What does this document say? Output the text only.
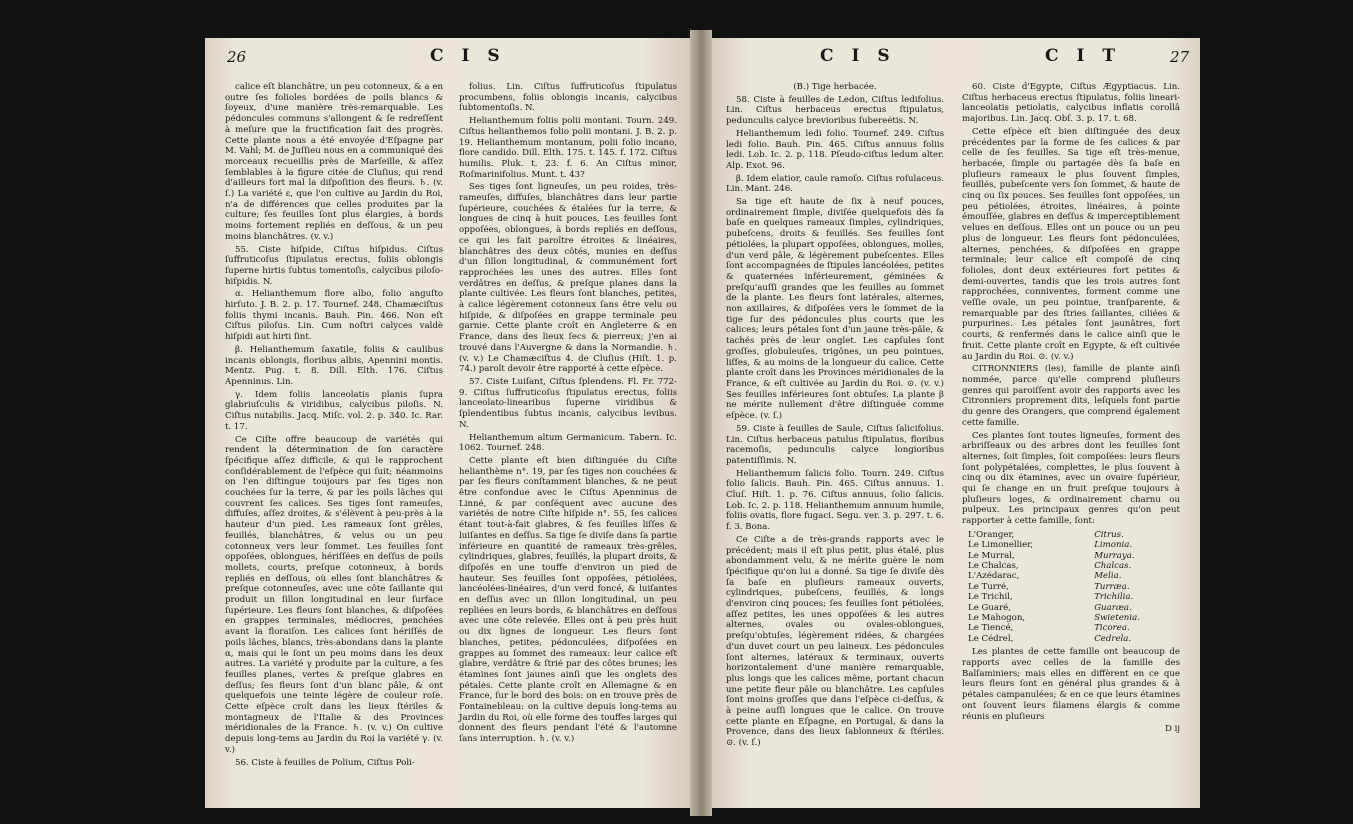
26	C I S

calice eſt blanchâtre, un peu cotonneux, & a en outre ſes folioles bordées de poils blancs & ſoyeux, d'une manière très-remarquable. Les pédoncules communs s'allongent & ſe redreſſent à meſure que la fructification ſait des progrès. Cette plante nous a été envoyée d'Eſpagne par M. Vahl; M. de Juſſieu nous en a communiqué des morceaux recueillis près de Marſeille, & aſſez ſemblables à la figure citée de Cluſius, qui rend d'ailleurs fort mal la diſpoſition des fleurs. ♄. (v. ſ.) La variété ε, que l'on cultive au Jardin du Roi, n'a de différences que celles produites par la culture; ſes feuilles ſont plus élargies, à bords moins fortement repliés en deſſous, & un peu moins blanchâtres. (v. v.)

55. Ciste hiſpide, Ciſtus hiſpidus. Ciſtus ſuffruticoſus ſtipulatus erectus, foliis oblongis ſuperne hirtis ſubtus tomentoſis, calycibus piloſo-hiſpidis. N.

α. Helianthemum flore albo, folio anguſto hirſuto. J. B. 2. p. 17. Tournef. 248. Chamæciſtus foliis thymi incanis. Bauh. Pin. 466. Non eſt Ciſtus piloſus. Lin. Cum noſtri calyces valdè hiſpidi aut hirti ſint.

β. Helianthemum ſaxatile, foliis & caulibus incanis oblongis, floribus albis, Apennini montis. Mentz. Pug. t. 8. Dill. Elth. 176. Ciſtus Apenninus. Lin.

γ. Idem foliis lanceolatis planis ſupra glabriuſculis & viridibus, calycibus piloſis. N. Ciſtus nutabilis. Jacq. Miſc. vol. 2. p. 340. Ic. Rar. t. 17.

Ce Ciſte offre beaucoup de variétés qui rendent la détermination de ſon caractère ſpécifique aſſez difficile, & qui le rapprochent conſidérablement de l'eſpèce qui ſuit; néanmoins on l'en diſtingue toujours par ſes tiges non couchées ſur la terre, & par les poils lâches qui couvrent ſes calices. Ses tiges ſont rameuſes, diffuſes, aſſez droites, & s'élèvent à peu-près à la hauteur d'un pied. Les rameaux ſont grêles, feuillés, blanchâtres, & velus ou un peu cotonneux vers leur ſommet. Les feuilles ſont oppoſées, oblongues, hériſſées en deſſus de poils mollets, courts, preſque cotonneux, à bords repliés en deſſous, où elles ſont blanchâtres & preſque cotonneuſes, avec une côte ſaillante qui produit un ſillon longitudinal en leur ſurface ſupérieure. Les fleurs ſont blanches, & diſpoſées en grappes terminales, médiocres, penchées avant la floraiſon. Les calices ſont hériſſés de poils lâches, blancs, très-abondans dans la plante α, mais qui le ſont un peu moins dans les deux autres. La variété γ produite par la culture, a ſes feuilles planes, vertes & preſque glabres en deſſus; ſes fleurs ſont d'un blanc pâle, & ont quelquefois une teinte légère de couleur roſe. Cette eſpèce croît dans les lieux ſtériles & montagneux de l'Italie & des Provinces méridionales de la France. ♄. (v. v.) On cultive depuis long-tems au Jardin du Roi la variété γ. (v. v.)

56. Ciste à feuilles de Polium, Ciſtus Poli-

folius. Lin. Ciſtus ſuffruticoſus ſtipulatus procumbens, foliis oblongis incanis, calycibus ſubtomentoſis. N.

Helianthemum foliis polii montani. Tourn. 249. Ciſtus helianthemos folio polii montani. J. B. 2. p. 19. Helianthemum montanum, polii folio incano, flore candido. Dill. Elth. 175. t. 145. f. 172. Ciſtus humilis. Pluk. t. 23. f. 6. An Ciſtus minor, Roſmarinifolius. Munt. t. 43?

Ses tiges ſont ligneuſes, un peu roides, très-rameuſes, diffuſes, blanchâtres dans leur partie ſupérieure, couchées & étalées ſur la terre, & longues de cinq à huit pouces. Les feuilles ſont oppoſées, oblongues, à bords repliés en deſſous, ce qui les fait paroître étroites & linéaires, blanchâtres des deux côtés, munies en deſſus d'un ſillon longitudinal, & communément fort rapprochées les unes des autres. Elles ſont verdâtres en deſſus, & preſque planes dans la plante cultivée. Les fleurs ſont blanches, petites, à calice légèrement cotonneux ſans être velu ou hiſpide, & diſpoſées en grappe terminale peu garnie. Cette plante croît en Angleterre & en France, dans des lieux ſecs & pierreux; j'en ai trouvé dans l'Auvergne & dans la Normandie. ♄. (v. v.) Le Chamæciſtus 4. de Cluſius (Hiſt. 1. p. 74.) paroît devoir être rapporté à cette eſpèce.

57. Ciste Luiſant, Ciſtus ſplendens. Fl. Fr. 772-9. Ciſtus ſuffruticoſus ſtipulatus erectus, foliis lanceolato-linearibus ſuperne viridibus & ſplendentibus ſubtus incanis, calycibus levibus. N.

Helianthemum altum Germanicum. Tabern. Ic. 1062. Tournef. 248.

Cette plante eſt bien diſtinguée du Ciſte helianthème n°. 19, par ſes tiges non couchées & par ſes fleurs conſtamment blanches, & ne peut être confondue avec le Ciſtus Apenninus de Linné, & par conſéquent avec aucune des variétés de notre Ciſte hiſpide n°. 55, ſes calices étant tout-à-fait glabres, & ſes feuilles liſſes & luiſantes en deſſus. Sa tige ſe diviſe dans ſa partie inférieure en quantité de rameaux très-grêles, cylindriques, glabres, feuillés, la plupart droits, & diſpoſés en une touffe d'environ un pied de hauteur. Ses feuilles ſont oppoſées, pétiolées, lancéolées-linéaires, d'un verd foncé, & luiſantes en deſſus avec un ſillon longitudinal, un peu repliées en leurs bords, & blanchâtres en deſſous avec une côte relevée. Elles ont à peu près huit ou dix lignes de longueur. Les fleurs ſont blanches, petites, pédonculées, diſpoſées en grappes au ſommet des rameaux: leur calice eſt glabre, verdâtre & ſtrié par des côtes brunes; les étamines ſont jaunes ainſi que les onglets des pétales. Cette plante croît en Allemagne & en France, ſur le bord des bois: on en trouve près de Fontainebleau: on la cultive depuis long-tems au Jardin du Roi, où elle forme des touffes larges qui donnent des fleurs pendant l'été & l'automne ſans interruption. ♄. (v. v.)

C I S	C I T	27

(B.) Tige herbacée.

58. Ciste à feuilles de Ledon, Ciſtus ledifolius. Lin. Ciſtus herbaceus erectus ſtipulatus, pedunculis calyce brevioribus ſubereétis. N.

Helianthemum ledi folio. Tournef. 249. Ciſtus ledi folio. Bauh. Pin. 465. Ciſtus annuus foliis ledi. Lob. Ic. 2. p. 118. Pſeudo-ciſtus ledum alter. Alp. Exot. 96.

β. Idem elatior, caule ramoſo. Ciſtus roſulaceus. Lin. Mant. 246.

Sa tige eſt haute de ſix à neuf pouces, ordinairement ſimple, diviſée quelquefois dès ſa baſe en quelques rameaux ſimples, cylindriques, pubeſcens, droits & feuillés. Ses feuilles ſont pétiolées, la plupart oppoſées, oblongues, molles, d'un verd pâle, & légèrement pubeſcentes. Elles ſont accompagnées de ſtipules lancéolées, petites & quaternées inférieurement, géminées & preſqu'auſſi grandes que les feuilles au ſommet de la plante. Les fleurs ſont latérales, alternes, non axillaires, & diſpoſées vers le ſommet de la tige ſur des pédoncules plus courts que les calices; leurs pétales ſont d'un jaune très-pâle, & tachés près de leur onglet. Les capſules ſont groſſes, globuleuſes, trigônes, un peu pointues, liſſes, & au moins de la longueur du calice. Cette plante croît dans les Provinces méridionales de la France, & eſt cultivée au Jardin du Roi. ⊙. (v. v.) Ses feuilles inférieures ſont obtuſes. La plante β ne mérite nullement d'être diſtinguée comme eſpèce. (v. ſ.)

59. Ciste à feuilles de Saule, Ciſtus ſalicifolius. Lin. Ciſtus herbaceus patulus ſtipulatus, floribus racemoſis, pedunculis calyce longioribus patentiſſimis. N.

Helianthemum ſalicis folio. Tourn. 249. Ciſtus folio ſalicis. Bauh. Pin. 465. Ciſtus annuus. 1. Cluſ. Hiſt. 1. p. 76. Ciſtus annuus, ſolio ſalicis. Lob. Ic. 2. p. 118. Helianthemum annuum humile, foliis ovatis, flore fugaci. Segu. ver. 3. p. 297. t. 6. f. 3. Bona.

Ce Ciſte a de très-grands rapports avec le précédent; mais il eſt plus petit, plus étalé, plus abondamment velu, & ne mérite guère le nom ſpécifique qu'on lui a donné. Sa tige ſe diviſe dès ſa baſe en pluſieurs rameaux ouverts, cylindriques, pubeſcens, feuillés, & longs d'environ cinq pouces; ſes feuilles ſont pétiolées, aſſez petites, les unes oppoſées & les autres alternes, ovales ou ovales-oblongues, preſqu'obtuſes, légèrement ridées, & chargées d'un duvet court un peu laineux. Les pédoncules ſont alternes, latéraux & terminaux, ouverts horizontalement d'une manière remarquable, plus longs que les calices même, portant chacun une petite fleur pâle ou blanchâtre. Les capſules ſont moins groſſes que dans l'eſpèce ci-deſſus, & à peine auſſi longues que le calice. On trouve cette plante en Eſpagne, en Portugal, & dans la Provence, dans des lieux ſablonneux & ſtériles. ⊙. (v. ſ.)

60. Ciste d'Egypte, Ciſtus Ægyptiacus. Lin. Ciſtus herbaceus erectus ſtipulatus, foliis lineari-lanceolatis petiolatis, calycibus inflatis corollâ majoribus. Lin. Jacq. Obſ. 3. p. 17. t. 68.

Cette eſpèce eſt bien diſtinguée des deux précédentes par la forme de ſes calices & par celle de ſes feuilles. Sa tige eſt très-menue, herbacée, ſimple ou partagée dès ſa baſe en pluſieurs rameaux le plus ſouvent ſimples, feuillés, pubeſcente vers ſon ſommet, & haute de cinq ou ſix pouces. Ses feuilles ſont oppoſées, un peu pétiolées, étroites, linéaires, à pointe émouſſée, glabres en deſſus & imperceptiblement velues en deſſous. Elles ont un pouce ou un peu plus de longueur. Les fleurs ſont pédonculées, alternes, penchées, & diſpoſées en grappe terminale; leur calice eſt compoſé de cinq folioles, dont deux extérieures fort petites & demi-ouvertes, tandis que les trois autres ſont rapprochées, conniventes, forment comme une veſſie ovale, un peu pointue, tranſparente, & remarquable par des ſtries ſaillantes, ciliées & purpurines. Les pétales ſont jaunâtres, fort courts, & renfermés dans le calice ainſi que le fruit. Cette plante croît en Egypte, & eſt cultivée au Jardin du Roi. ⊙. (v. v.)

CITRONNIERS (les), famille de plante ainſi nommée, parce qu'elle comprend pluſieurs genres qui paroiſſent avoir des rapports avec les Citronniers proprement dits, leſquels font partie du genre des Orangers, que comprend également cette famille.

Ces plantes ſont toutes ligneuſes, forment des arbriſſeaux ou des arbres dont les feuilles ſont alternes, ſoit ſimples, ſoit compoſées: leurs fleurs ſont polypétalées, complettes, le plus ſouvent à cinq ou dix étamines, avec un ovaire ſupérieur, qui ſe change en un fruit preſque toujours à pluſieurs loges, & ordinairement charnu ou pulpeux. Les principaux genres qu'on peut rapporter à cette famille, ſont:

L'Oranger,	Citrus.
Le Limonellier,	Limonia.
Le Murral,	Murraya.
Le Chalcas,	Chalcas.
L'Azédarac,	Melia.
Le Turré,	Turræa.
Le Trichil,	Trichilia.
Le Guaré,	Guaræa.
Le Mahogon,	Swietenia.
Le Tiencé,	Ticorea.
Le Cédrel,	Cedrela.

Les plantes de cette famille ont beaucoup de rapports avec celles de la famille des Balſaminiers; mais elles en diffèrent en ce que leurs fleurs ſont en général plus grandes & à pétales campanulées; & en ce que leurs étamines ont ſouvent leurs filamens élargis & comme réunis en pluſieurs

D ij
